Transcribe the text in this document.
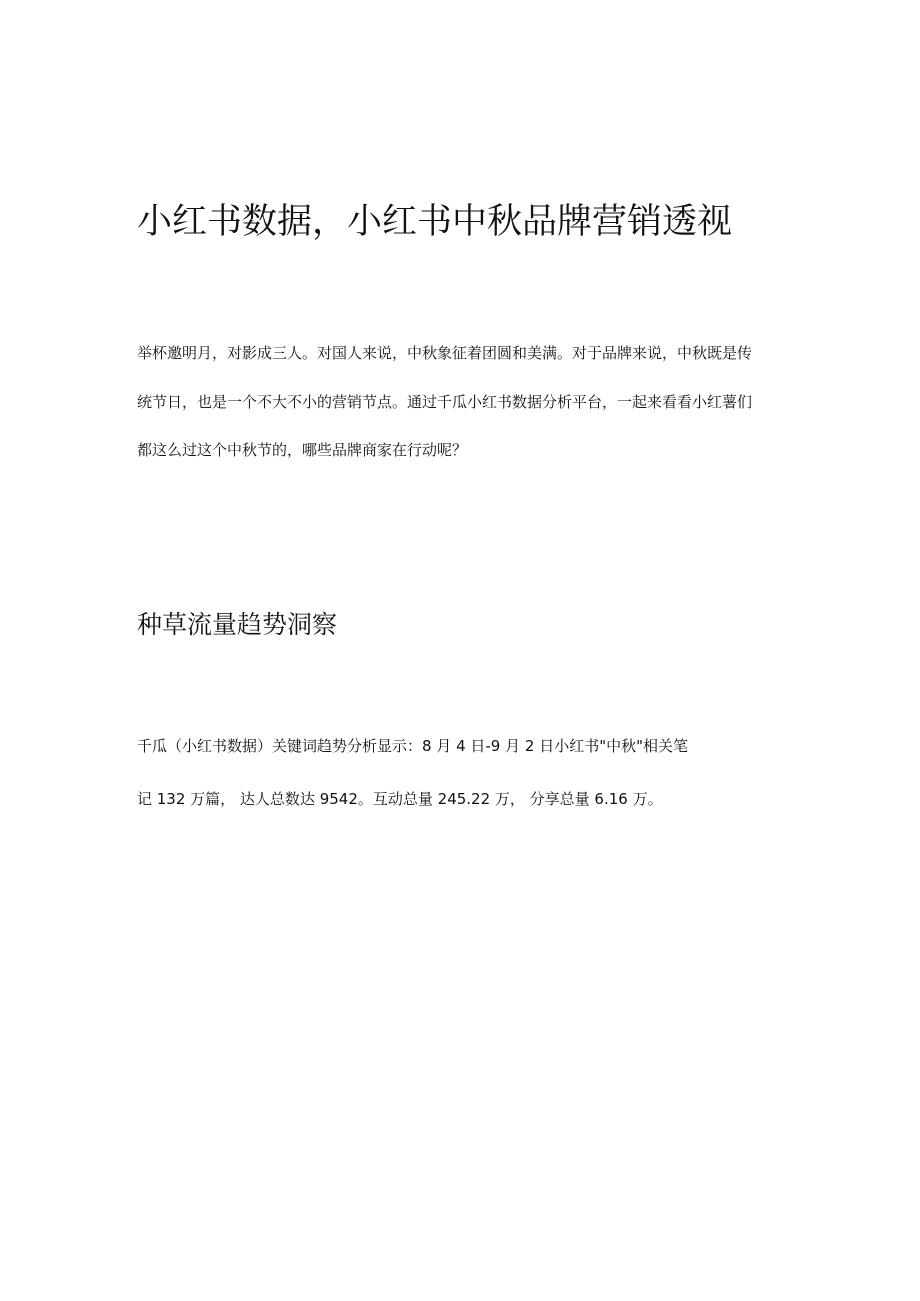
小红书数据，小红书中秋品牌营销透视

举杯邀明月，对影成三人。对国人来说，中秋象征着团圆和美满。对于品牌来说，中秋既是传

统节日，也是一个不大不小的营销节点。通过千瓜小红书数据分析平台，一起来看看小红薯们

都这么过这个中秋节的，哪些品牌商家在行动呢？

种草流量趋势洞察

千瓜（小红书数据）关键词趋势分析显示：8 月 4 日-9 月 2 日小红书"中秋"相关笔

记 132 万篇， 达人总数达 9542。互动总量 245.22 万， 分享总量 6.16 万。
